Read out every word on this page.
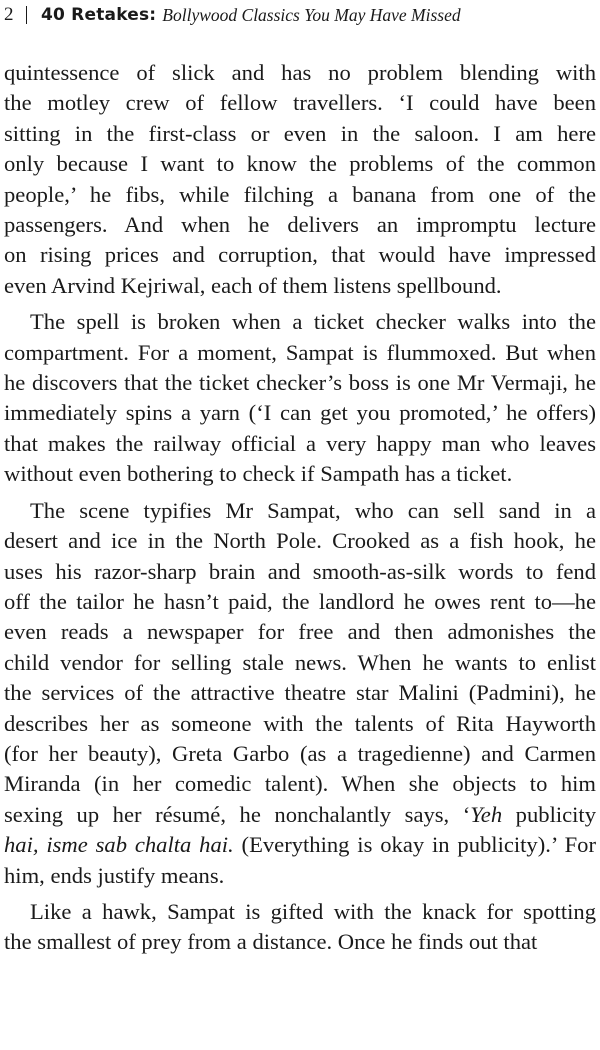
2 40 Retakes: Bollywood Classics You May Have Missed
quintessence of slick and has no problem blending with
the motley crew of fellow travellers. ‘I could have been
sitting in the first-class or even in the saloon. I am here
only because I want to know the problems of the common
people,’ he fibs, while filching a banana from one of the
passengers. And when he delivers an impromptu lecture
on rising prices and corruption, that would have impressed
even Arvind Kejriwal, each of them listens spellbound.
The spell is broken when a ticket checker walks into the
compartment. For a moment, Sampat is flummoxed. But when
he discovers that the ticket checker’s boss is one Mr Vermaji, he
immediately spins a yarn (‘I can get you promoted,’ he offers)
that makes the railway official a very happy man who leaves
without even bothering to check if Sampath has a ticket.
The scene typifies Mr Sampat, who can sell sand in a
desert and ice in the North Pole. Crooked as a fish hook, he
uses his razor-sharp brain and smooth-as-silk words to fend
off the tailor he hasn’t paid, the landlord he owes rent to—he
even reads a newspaper for free and then admonishes the
child vendor for selling stale news. When he wants to enlist
the services of the attractive theatre star Malini (Padmini), he
describes her as someone with the talents of Rita Hayworth
(for her beauty), Greta Garbo (as a tragedienne) and Carmen
Miranda (in her comedic talent). When she objects to him
sexing up her résumé, he nonchalantly says, ‘Yeh publicity
hai, isme sab chalta hai. (Everything is okay in publicity).’ For
him, ends justify means.
Like a hawk, Sampat is gifted with the knack for spotting
the smallest of prey from a distance. Once he finds out that
